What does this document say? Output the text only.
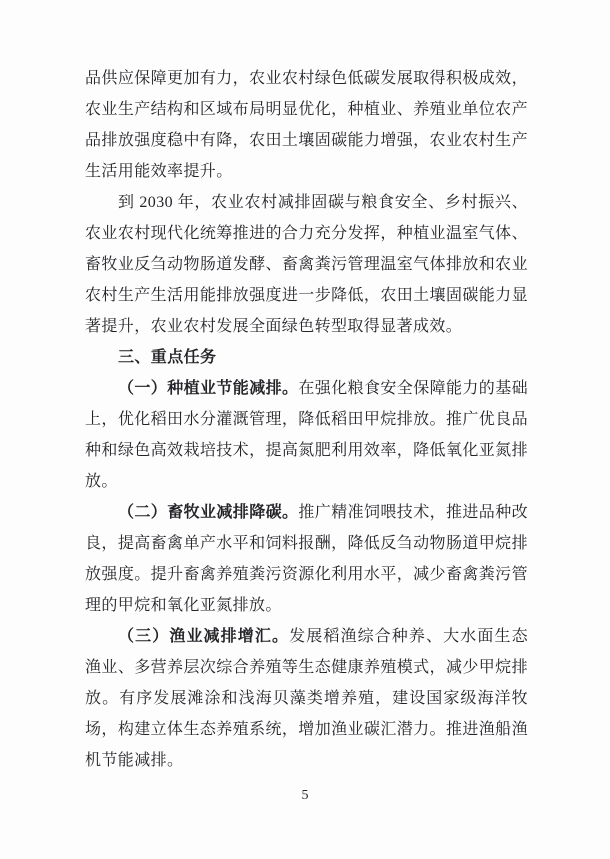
品供应保障更加有力，农业农村绿色低碳发展取得积极成效，农业生产结构和区域布局明显优化，种植业、养殖业单位农产品排放强度稳中有降，农田土壤固碳能力增强，农业农村生产生活用能效率提升。

到 2030 年，农业农村减排固碳与粮食安全、乡村振兴、农业农村现代化统筹推进的合力充分发挥，种植业温室气体、畜牧业反刍动物肠道发酵、畜禽粪污管理温室气体排放和农业农村生产生活用能排放强度进一步降低，农田土壤固碳能力显著提升，农业农村发展全面绿色转型取得显著成效。

三、重点任务

（一）种植业节能减排。在强化粮食安全保障能力的基础上，优化稻田水分灌溉管理，降低稻田甲烷排放。推广优良品种和绿色高效栽培技术，提高氮肥利用效率，降低氧化亚氮排放。

（二）畜牧业减排降碳。推广精准饲喂技术，推进品种改良，提高畜禽单产水平和饲料报酬，降低反刍动物肠道甲烷排放强度。提升畜禽养殖粪污资源化利用水平，减少畜禽粪污管理的甲烷和氧化亚氮排放。

（三）渔业减排增汇。发展稻渔综合种养、大水面生态渔业、多营养层次综合养殖等生态健康养殖模式，减少甲烷排放。有序发展滩涂和浅海贝藻类增养殖，建设国家级海洋牧场，构建立体生态养殖系统，增加渔业碳汇潜力。推进渔船渔机节能减排。

5
